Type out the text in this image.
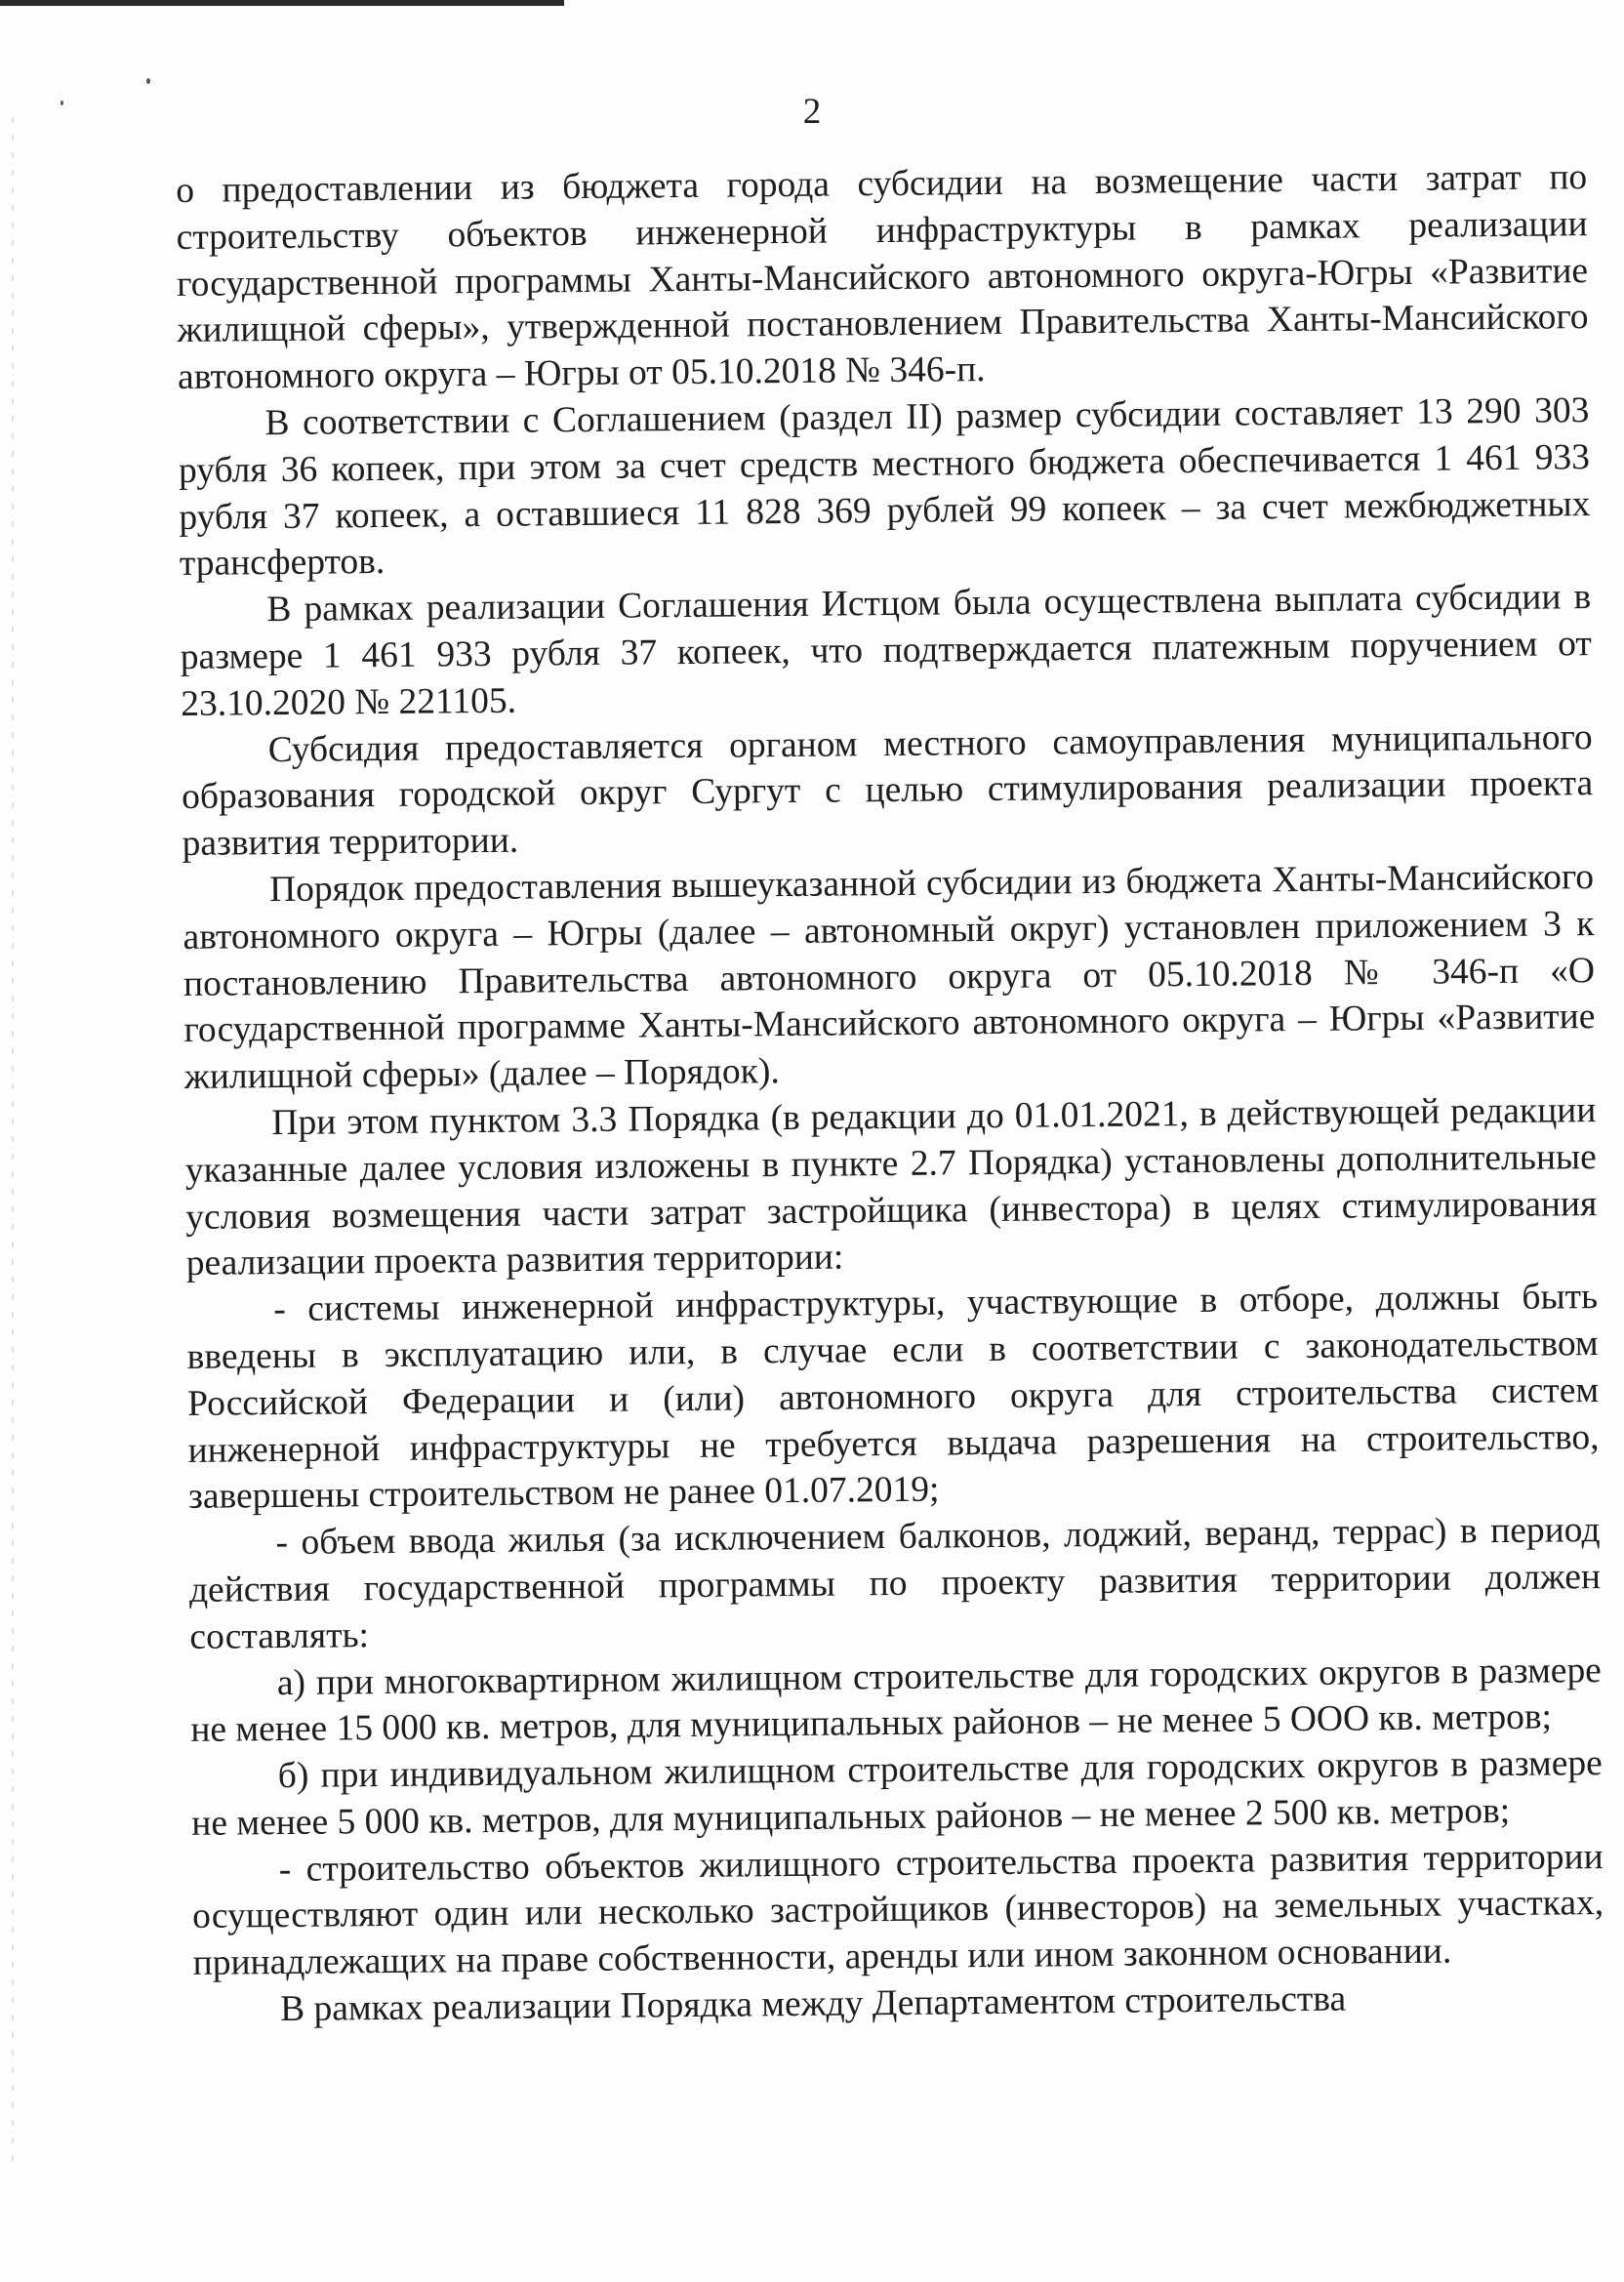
2

о предоставлении из бюджета города субсидии на возмещение части затрат по строительству объектов инженерной инфраструктуры в рамках реализации государственной программы Ханты-Мансийского автономного округа-Югры «Развитие жилищной сферы», утвержденной постановлением Правительства Ханты-Мансийского автономного округа – Югры от 05.10.2018 № 346-п.

В соответствии с Соглашением (раздел II) размер субсидии составляет 13 290 303 рубля 36 копеек, при этом за счет средств местного бюджета обеспечивается 1 461 933 рубля 37 копеек, а оставшиеся 11 828 369 рублей 99 копеек – за счет межбюджетных трансфертов.

В рамках реализации Соглашения Истцом была осуществлена выплата субсидии в размере 1 461 933 рубля 37 копеек, что подтверждается платежным поручением от 23.10.2020 № 221105.

Субсидия предоставляется органом местного самоуправления муниципального образования городской округ Сургут с целью стимулирования реализации проекта развития территории.

Порядок предоставления вышеуказанной субсидии из бюджета Ханты-Мансийского автономного округа – Югры (далее – автономный округ) установлен приложением 3 к постановлению Правительства автономного округа от 05.10.2018 № 346-п «О государственной программе Ханты-Мансийского автономного округа – Югры «Развитие жилищной сферы» (далее – Порядок).

При этом пунктом 3.3 Порядка (в редакции до 01.01.2021, в действующей редакции указанные далее условия изложены в пункте 2.7 Порядка) установлены дополнительные условия возмещения части затрат застройщика (инвестора) в целях стимулирования реализации проекта развития территории:

- системы инженерной инфраструктуры, участвующие в отборе, должны быть введены в эксплуатацию или, в случае если в соответствии с законодательством Российской Федерации и (или) автономного округа для строительства систем инженерной инфраструктуры не требуется выдача разрешения на строительство, завершены строительством не ранее 01.07.2019;

- объем ввода жилья (за исключением балконов, лоджий, веранд, террас) в период действия государственной программы по проекту развития территории должен составлять:

а) при многоквартирном жилищном строительстве для городских округов в размере не менее 15 000 кв. метров, для муниципальных районов – не менее 5 ООО кв. метров;

б) при индивидуальном жилищном строительстве для городских округов в размере не менее 5 000 кв. метров, для муниципальных районов – не менее 2 500 кв. метров;

- строительство объектов жилищного строительства проекта развития территории осуществляют один или несколько застройщиков (инвесторов) на земельных участках, принадлежащих на праве собственности, аренды или ином законном основании.

В рамках реализации Порядка между Департаментом строительства
